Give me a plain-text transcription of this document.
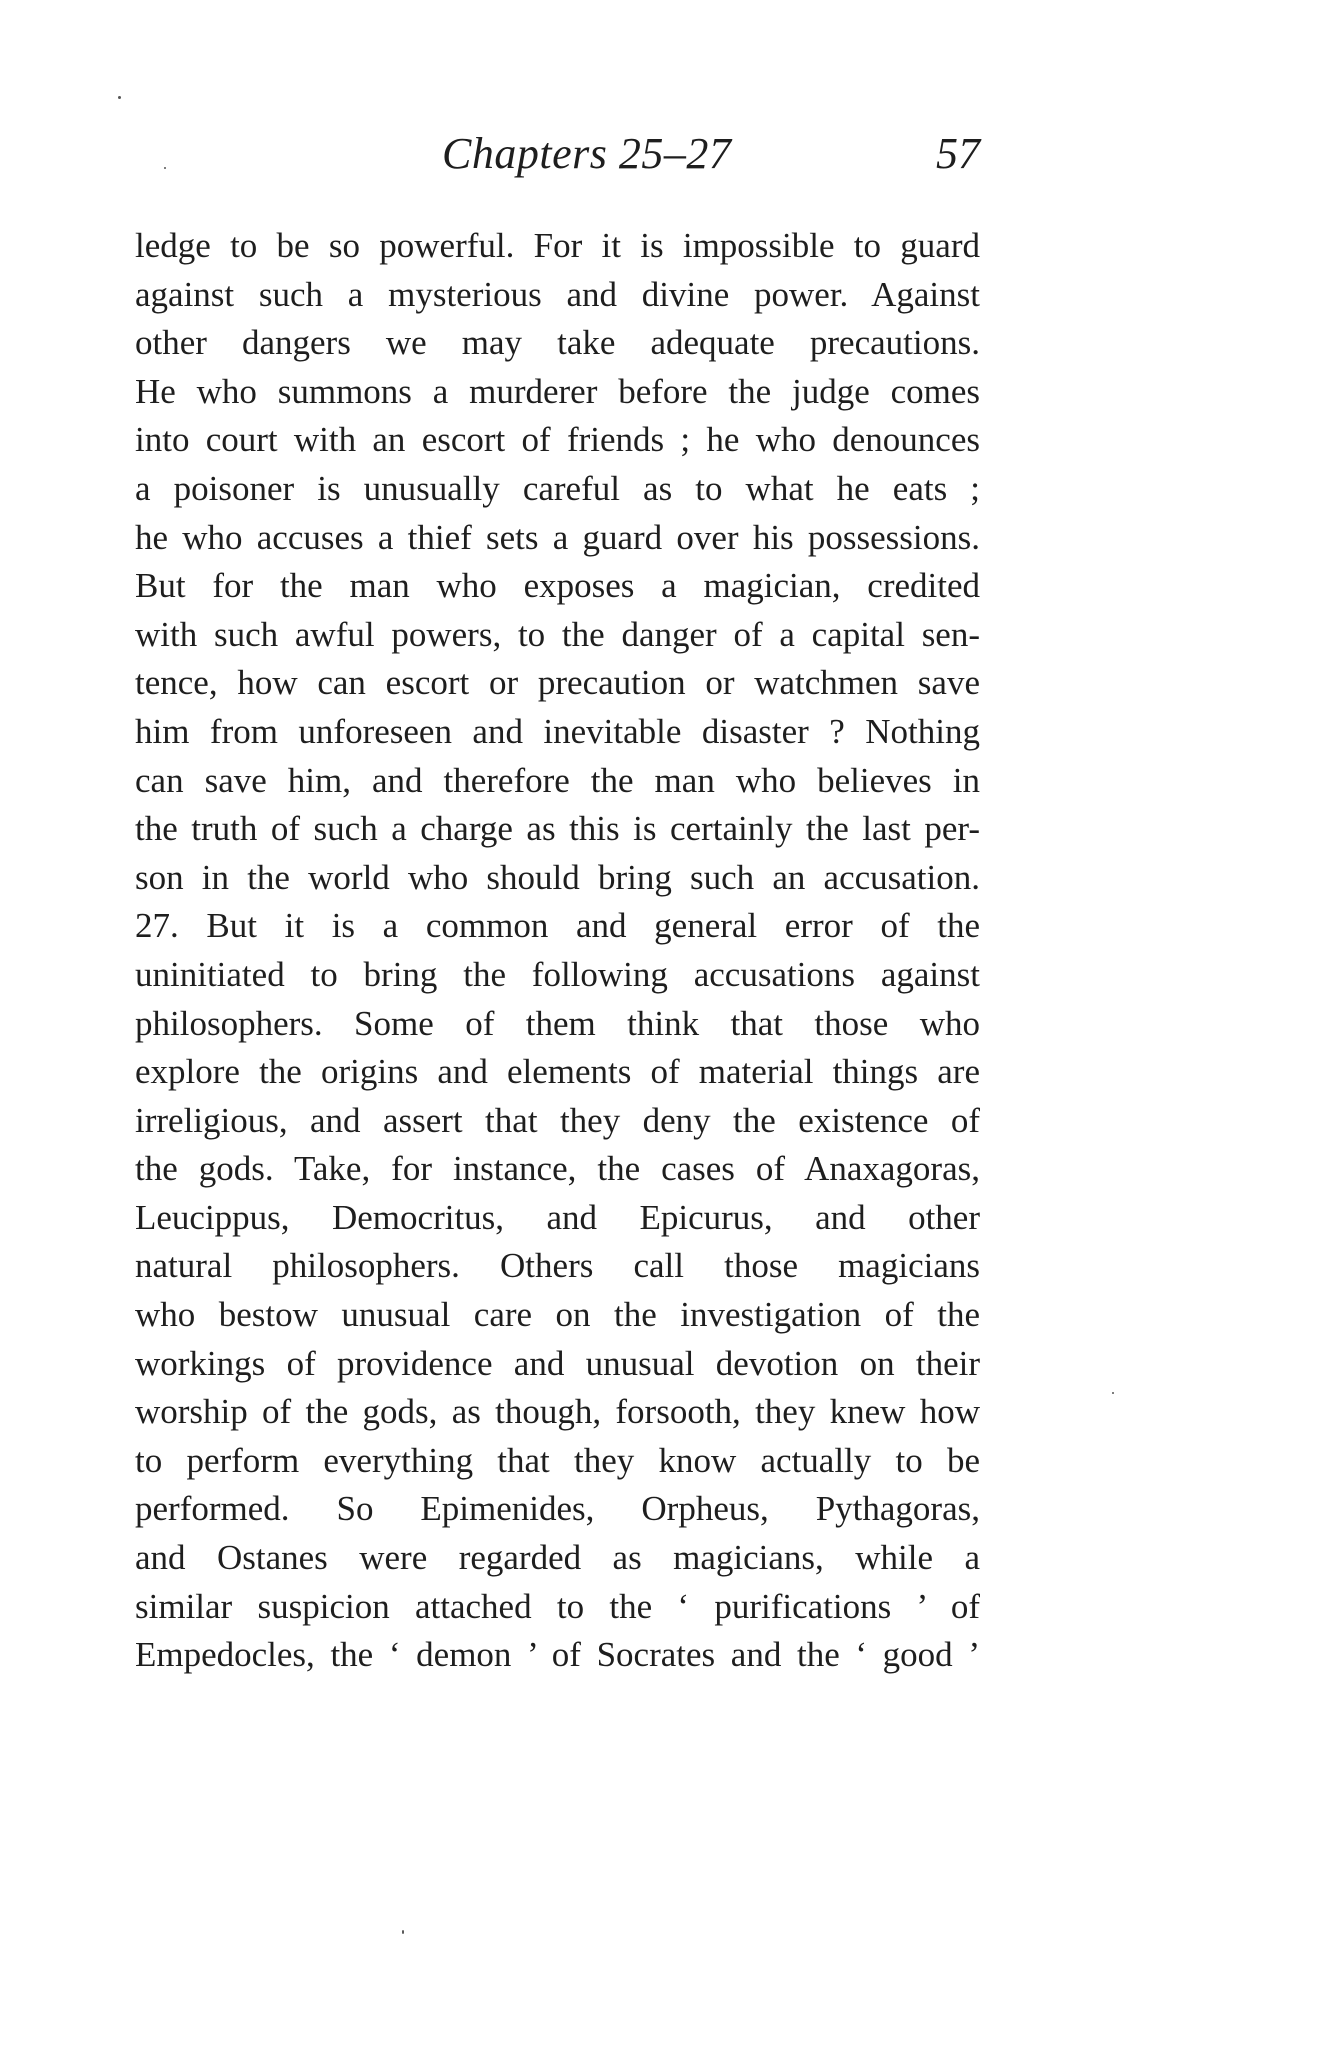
Chapters 25–27	57
ledge to be so powerful. For it is impossible to guard
against such a mysterious and divine power. Against
other dangers we may take adequate precautions.
He who summons a murderer before the judge comes
into court with an escort of friends ; he who denounces
a poisoner is unusually careful as to what he eats ;
he who accuses a thief sets a guard over his possessions.
But for the man who exposes a magician, credited
with such awful powers, to the danger of a capital sen-
tence, how can escort or precaution or watchmen save
him from unforeseen and inevitable disaster ? Nothing
can save him, and therefore the man who believes in
the truth of such a charge as this is certainly the last per-
son in the world who should bring such an accusation.
27. But it is a common and general error of the
uninitiated to bring the following accusations against
philosophers. Some of them think that those who
explore the origins and elements of material things are
irreligious, and assert that they deny the existence of
the gods. Take, for instance, the cases of Anaxagoras,
Leucippus, Democritus, and Epicurus, and other
natural philosophers. Others call those magicians
who bestow unusual care on the investigation of the
workings of providence and unusual devotion on their
worship of the gods, as though, forsooth, they knew how
to perform everything that they know actually to be
performed. So Epimenides, Orpheus, Pythagoras,
and Ostanes were regarded as magicians, while a
similar suspicion attached to the ‘ purifications ’ of
Empedocles, the ‘ demon ’ of Socrates and the ‘ good ’
